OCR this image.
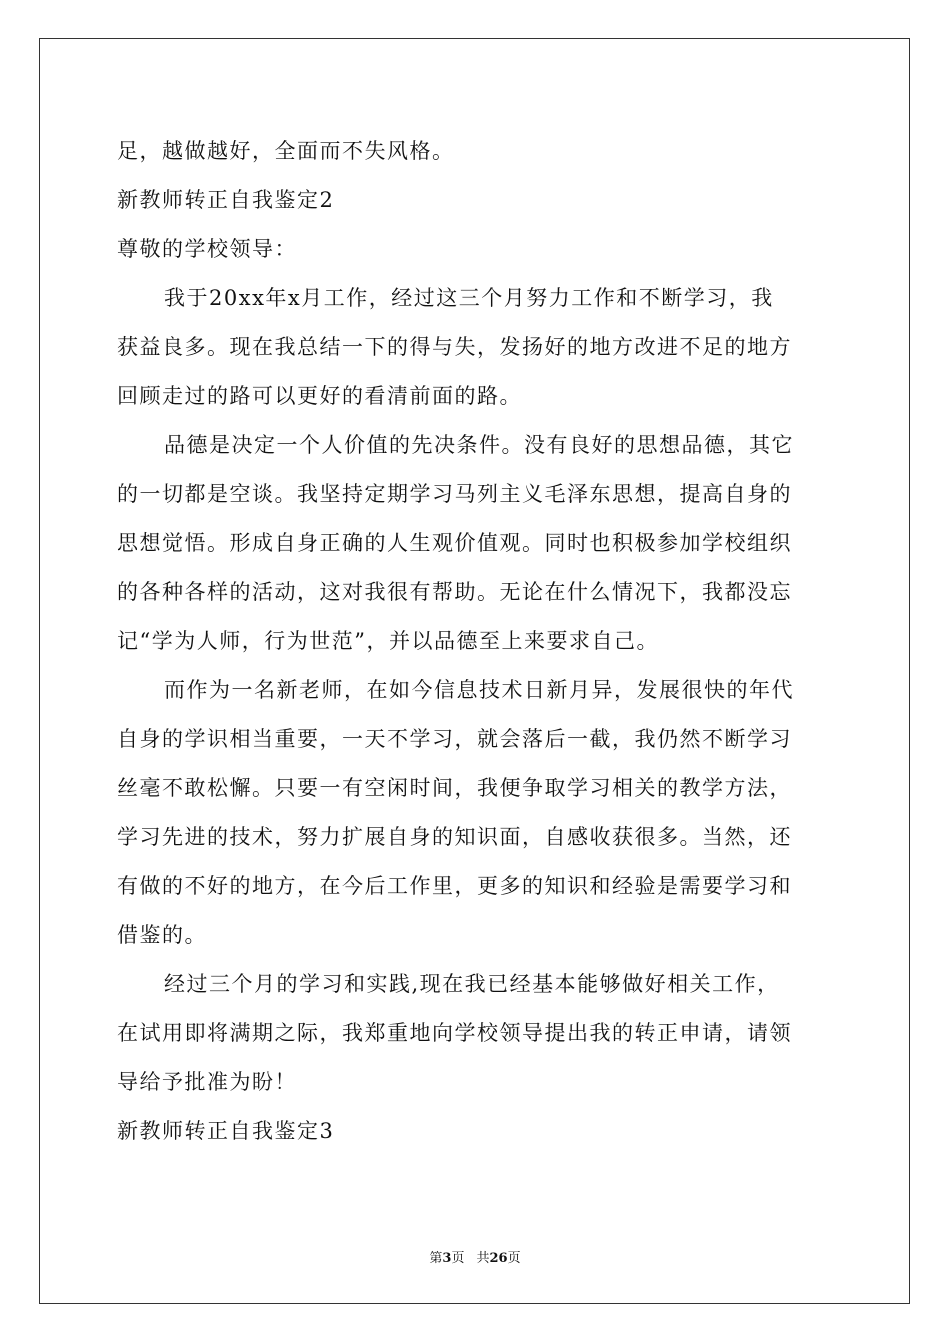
足，越做越好，全面而不失风格。
新教师转正自我鉴定2
尊敬的学校领导：
我于20xx年x月工作，经过这三个月努力工作和不断学习，我
获益良多。现在我总结一下的得与失，发扬好的地方改进不足的地方
回顾走过的路可以更好的看清前面的路。
品德是决定一个人价值的先决条件。没有良好的思想品德，其它
的一切都是空谈。我坚持定期学习马列主义毛泽东思想，提高自身的
思想觉悟。形成自身正确的人生观价值观。同时也积极参加学校组织
的各种各样的活动，这对我很有帮助。无论在什么情况下，我都没忘
记“学为人师，行为世范”，并以品德至上来要求自己。
而作为一名新老师，在如今信息技术日新月异，发展很快的年代
自身的学识相当重要，一天不学习，就会落后一截，我仍然不断学习
丝毫不敢松懈。只要一有空闲时间，我便争取学习相关的教学方法，
学习先进的技术，努力扩展自身的知识面，自感收获很多。当然，还
有做的不好的地方，在今后工作里，更多的知识和经验是需要学习和
借鉴的。
经过三个月的学习和实践,现在我已经基本能够做好相关工作，
在试用即将满期之际，我郑重地向学校领导提出我的转正申请，请领
导给予批准为盼！
新教师转正自我鉴定3
第3页 共26页
